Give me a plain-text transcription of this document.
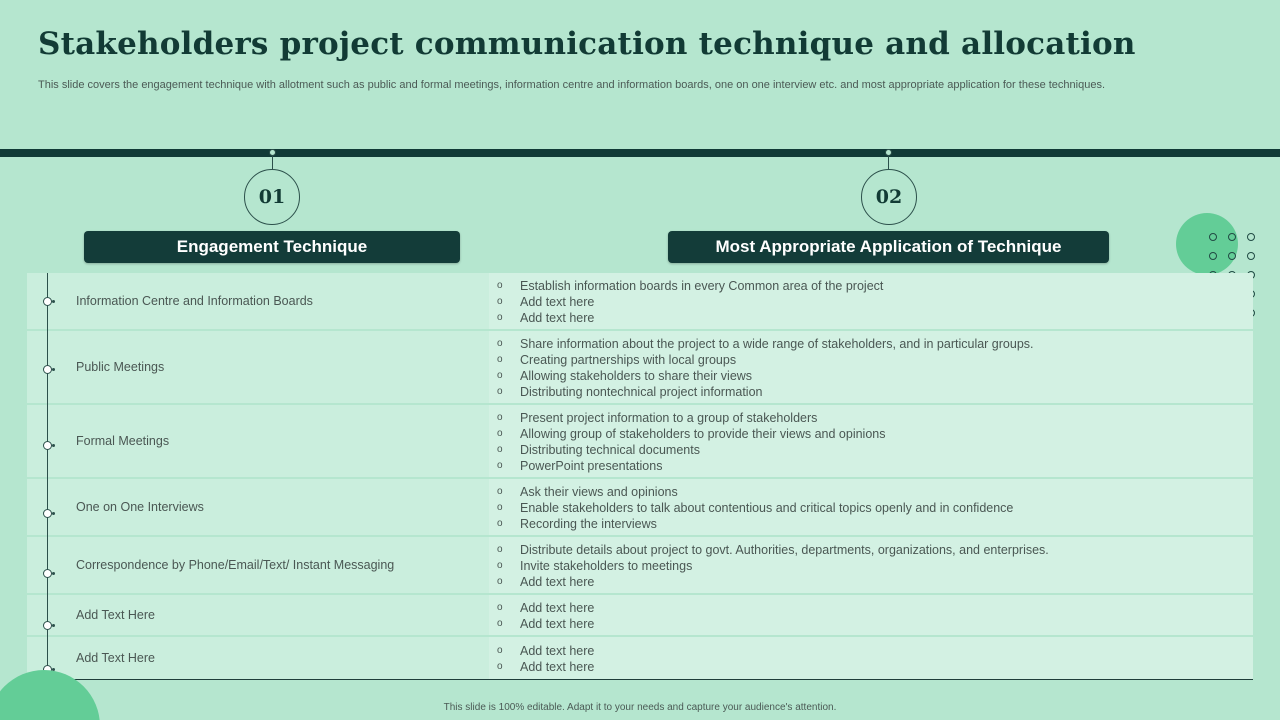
Stakeholders project communication technique and allocation
This slide covers the engagement technique with allotment such as public and formal meetings, information centre and information boards, one on one interview etc. and most appropriate application for these techniques.
01
Engagement Technique
02
Most Appropriate Application of Technique
Information Centre and Information Boards
o	Establish information boards in every Common area of the project
o	Add text here
o	Add text here
Public Meetings
o	Share information about the project to a wide range of stakeholders, and in particular groups.
o	Creating partnerships with local groups
o	Allowing stakeholders to share their views
o	Distributing nontechnical project information
Formal Meetings
o	Present project information to a group of stakeholders
o	Allowing group of stakeholders to provide their views and opinions
o	Distributing technical documents
o	PowerPoint presentations
One on One Interviews
o	Ask their views and opinions
o	Enable stakeholders to talk about contentious and critical topics openly and in confidence
o	Recording the interviews
Correspondence by Phone/Email/Text/ Instant Messaging
o	Distribute details about project to govt. Authorities, departments, organizations, and enterprises.
o	Invite stakeholders to meetings
o	Add text here
Add Text Here
o	Add text here
o	Add text here
Add Text Here
o	Add text here
o	Add text here
This slide is 100% editable. Adapt it to your needs and capture your audience's attention.
